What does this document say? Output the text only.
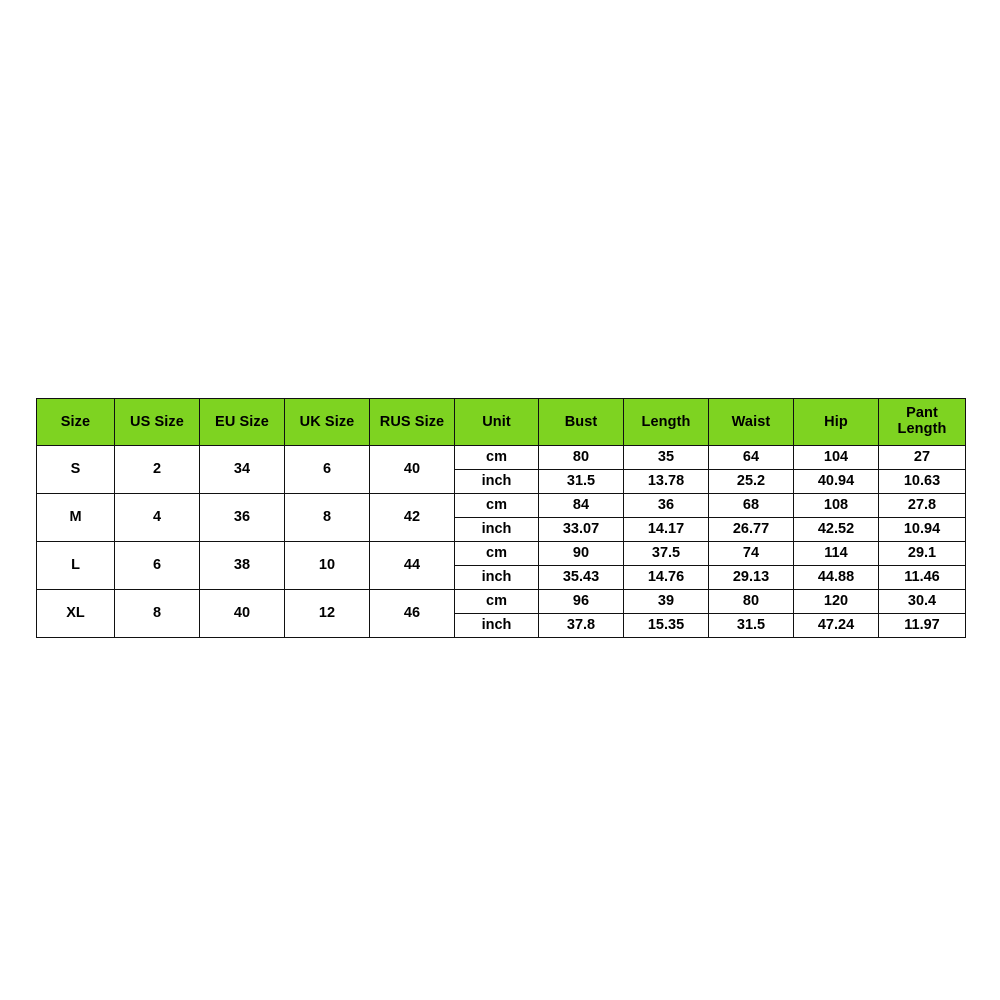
Size	US Size	EU Size	UK Size	RUS Size	Unit	Bust	Length	Waist	Hip	Pant
Length

S	2	34	6	40	cm	80	35	64	104	27
					inch	31.5	13.78	25.2	40.94	10.63
M	4	36	8	42	cm	84	36	68	108	27.8
					inch	33.07	14.17	26.77	42.52	10.94
L	6	38	10	44	cm	90	37.5	74	114	29.1
					inch	35.43	14.76	29.13	44.88	11.46
XL	8	40	12	46	cm	96	39	80	120	30.4
					inch	37.8	15.35	31.5	47.24	11.97
